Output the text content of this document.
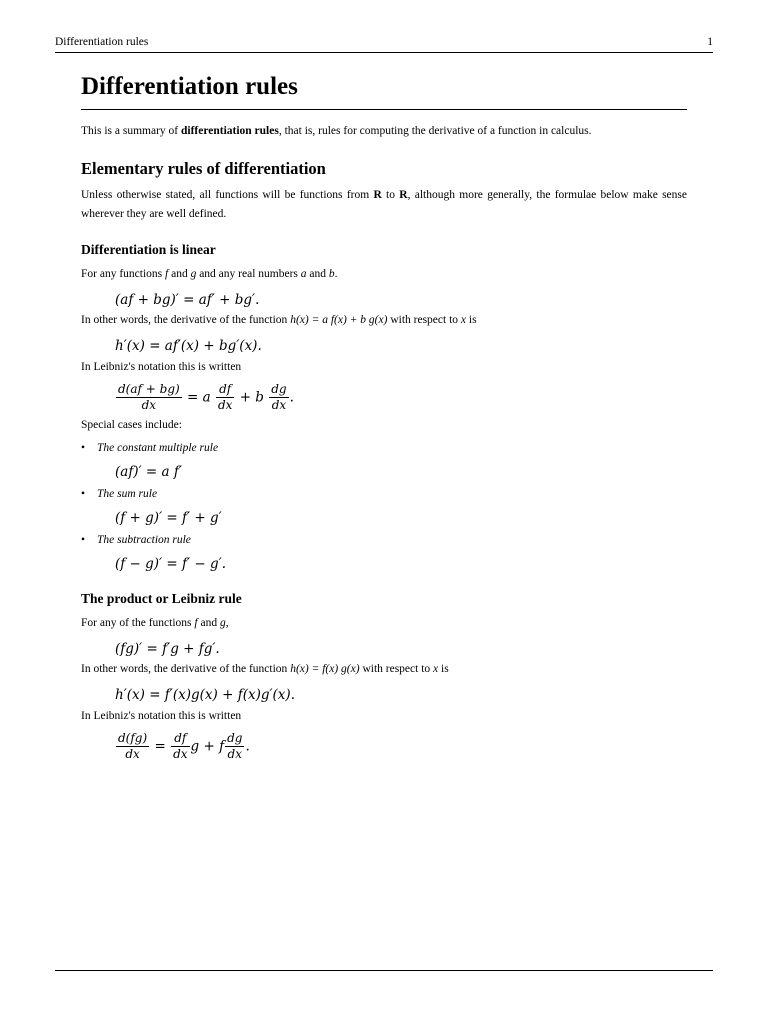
Differentiation rules	1
Differentiation rules

This is a summary of differentiation rules, that is, rules for computing the derivative of a function in calculus.

Elementary rules of differentiation

Unless otherwise stated, all functions will be functions from R to R, although more generally, the formulae below make sense wherever they are well defined.

Differentiation is linear

For any functions f and g and any real numbers a and b.

(af + bg)′ = af′ + bg′.

In other words, the derivative of the function h(x) = a f(x) + b g(x) with respect to x is

h′(x) = af′(x) + bg′(x).

In Leibniz's notation this is written

$\frac{d(af + bg)}{dx} = a \frac{df}{dx} + b \frac{dg}{dx}$ .

Special cases include:

• The constant multiple rule
(af)′ = a f′
• The sum rule
(f + g)′ = f′ + g′
• The subtraction rule
(f − g)′ = f′ − g′.
The product or Leibniz rule

For any of the functions f and g,

(fg)′ = f′g + fg′.

In other words, the derivative of the function h(x) = f(x) g(x) with respect to x is

h′(x) = f′(x)g(x) + f(x)g′(x).

In Leibniz's notation this is written

$\frac{d(fg)}{dx} = \frac{df}{dx}$ g + f $\frac{dg}{dx}$ .
